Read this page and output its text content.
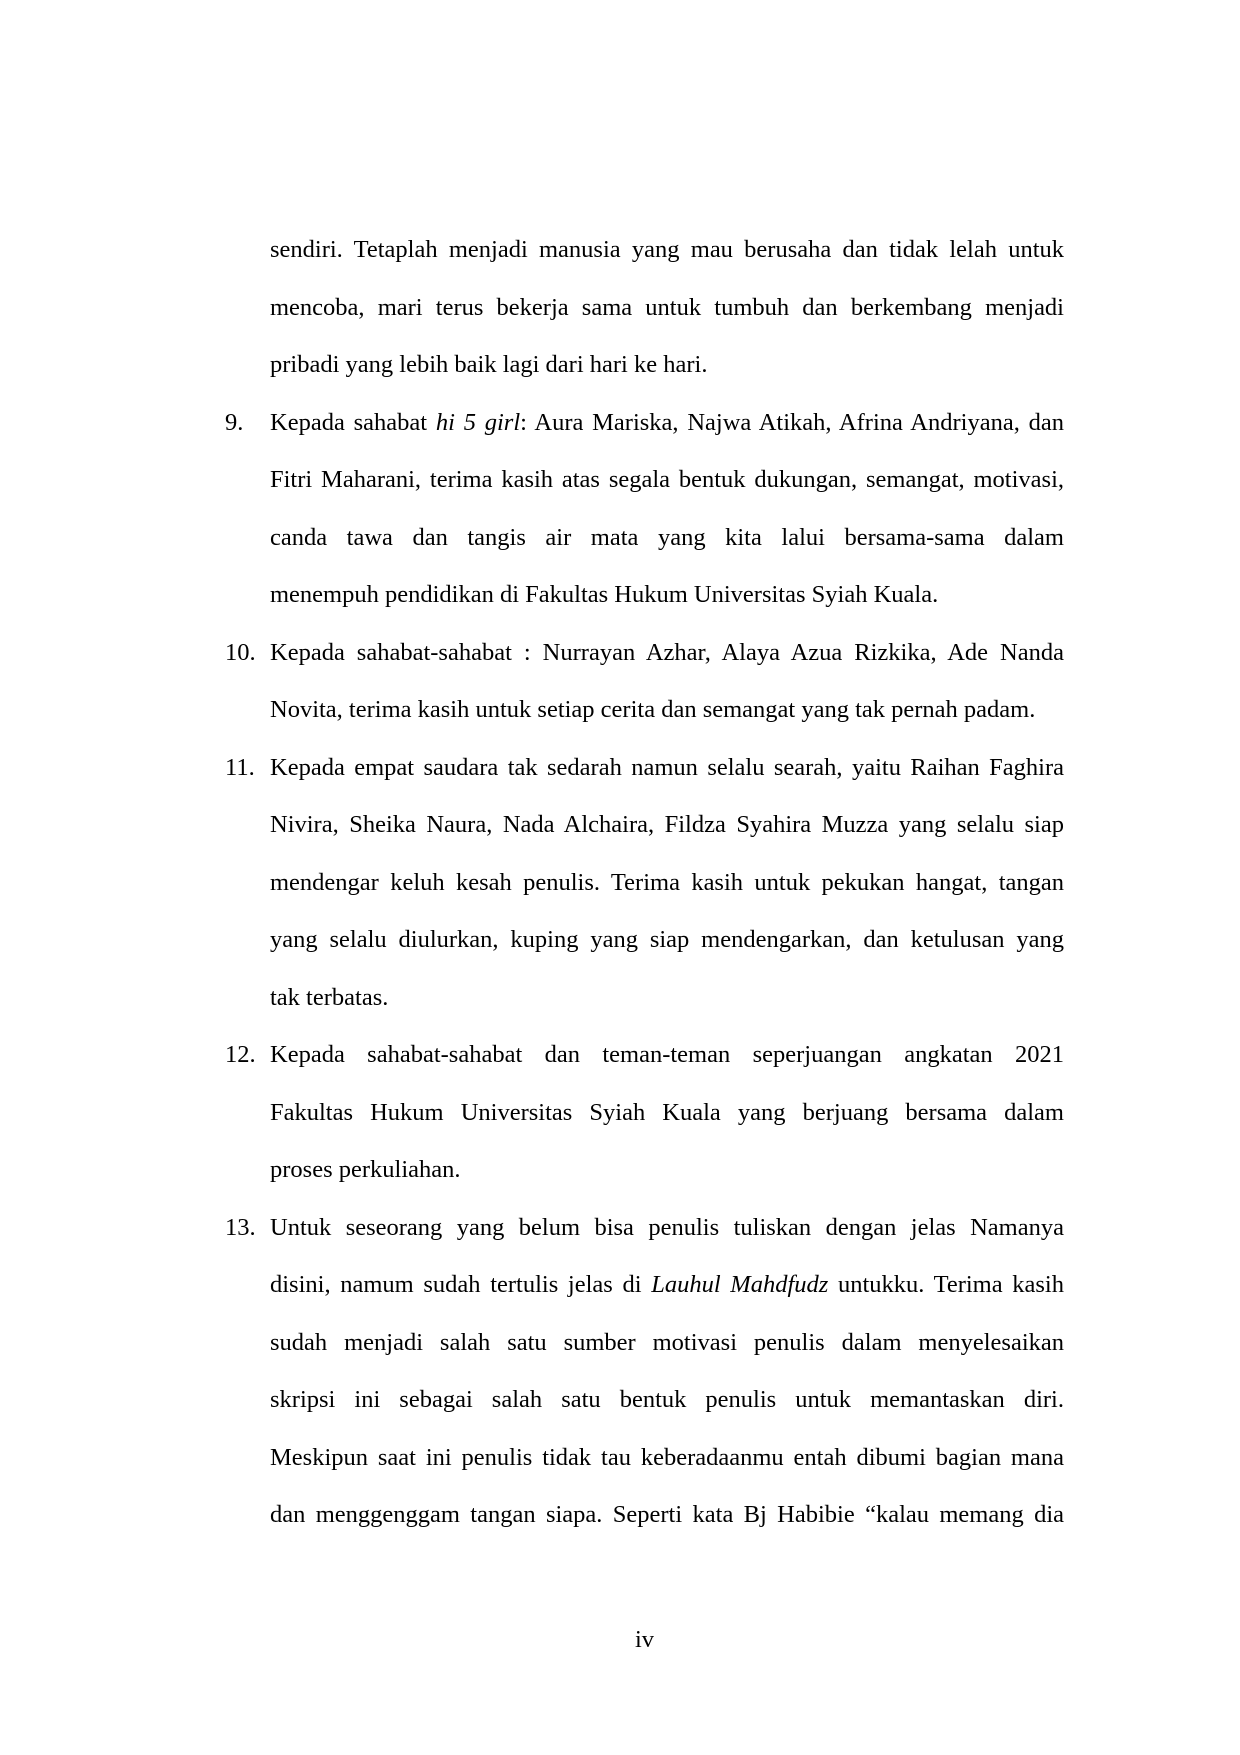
sendiri. Tetaplah menjadi manusia yang mau berusaha dan tidak lelah untuk
mencoba, mari terus bekerja sama untuk tumbuh dan berkembang menjadi
pribadi yang lebih baik lagi dari hari ke hari.
9. Kepada sahabat hi 5 girl: Aura Mariska, Najwa Atikah, Afrina Andriyana, dan
Fitri Maharani, terima kasih atas segala bentuk dukungan, semangat, motivasi,
canda tawa dan tangis air mata yang kita lalui bersama-sama dalam
menempuh pendidikan di Fakultas Hukum Universitas Syiah Kuala.
10. Kepada sahabat-sahabat : Nurrayan Azhar, Alaya Azua Rizkika, Ade Nanda
Novita, terima kasih untuk setiap cerita dan semangat yang tak pernah padam.
11. Kepada empat saudara tak sedarah namun selalu searah, yaitu Raihan Faghira
Nivira, Sheika Naura, Nada Alchaira, Fildza Syahira Muzza yang selalu siap
mendengar keluh kesah penulis. Terima kasih untuk pekukan hangat, tangan
yang selalu diulurkan, kuping yang siap mendengarkan, dan ketulusan yang
tak terbatas.
12. Kepada sahabat-sahabat dan teman-teman seperjuangan angkatan 2021
Fakultas Hukum Universitas Syiah Kuala yang berjuang bersama dalam
proses perkuliahan.
13. Untuk seseorang yang belum bisa penulis tuliskan dengan jelas Namanya
disini, namum sudah tertulis jelas di Lauhul Mahdfudz untukku. Terima kasih
sudah menjadi salah satu sumber motivasi penulis dalam menyelesaikan
skripsi ini sebagai salah satu bentuk penulis untuk memantaskan diri.
Meskipun saat ini penulis tidak tau keberadaanmu entah dibumi bagian mana
dan menggenggam tangan siapa. Seperti kata Bj Habibie “kalau memang dia
iv
